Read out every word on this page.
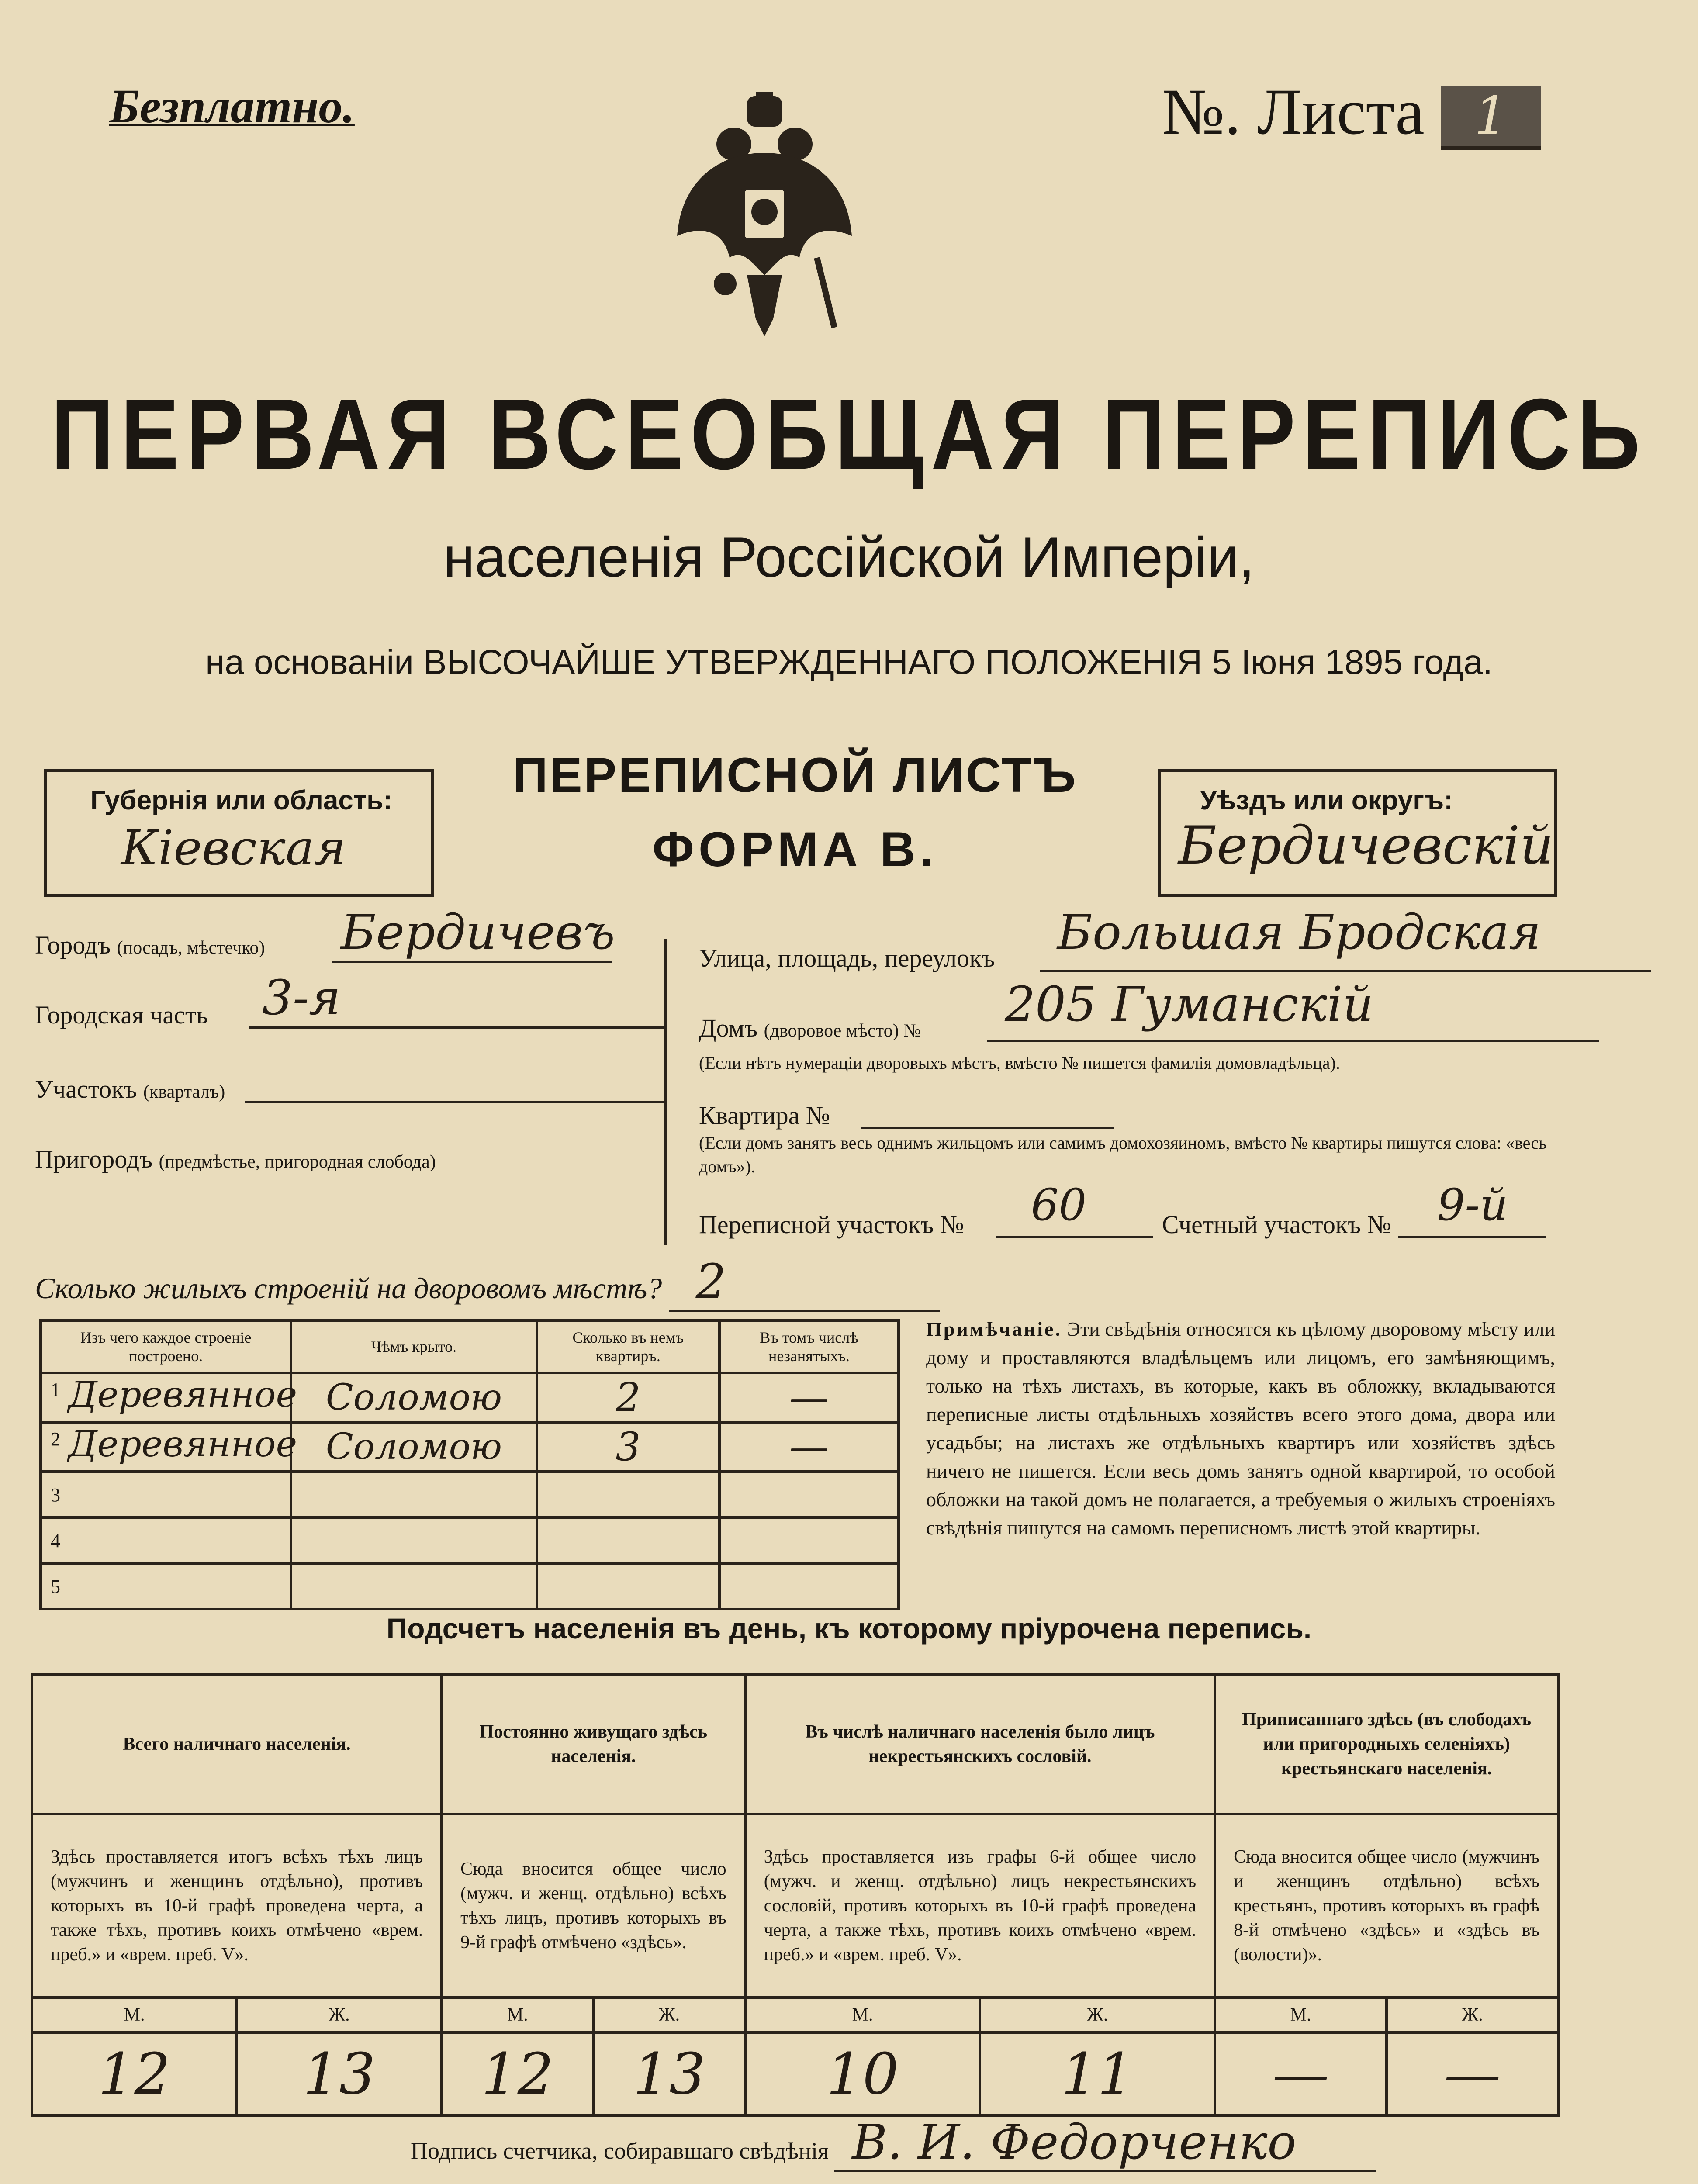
Безплатно.	№. Листа 1
ПЕРВАЯ ВСЕОБЩАЯ ПЕРЕПИСЬ
населенія Россійской Имперіи,
на основаніи ВЫСОЧАЙШЕ УТВЕРЖДЕННАГО ПОЛОЖЕНІЯ 5 Іюня 1895 года.
Губернія или область:
Кіевская
ПЕРЕПИСНОЙ ЛИСТЪ
ФОРМА В.
Уѣздъ или округъ:
Бердичевскій
Городъ (посадъ, мѣстечко) Бердичевъ
Городская часть 3-я
Участокъ (кварталъ)
Пригородъ (предмѣстье, пригородная слобода)
Улица, площадь, переулокъ Большая Бродская
Домъ (дворовое мѣсто) № 205 Гуманскій
(Если нѣтъ нумераціи дворовыхъ мѣстъ, вмѣсто № пишется фамилія домовладѣльца).
Квартира №
(Если домъ занятъ весь однимъ жильцомъ или самимъ домохозяиномъ, вмѣсто № квартиры пишутся слова: «весь домъ»).
Переписной участокъ № 60	Счетный участокъ № 9-й
Сколько жилыхъ строеній на дворовомъ мѣстѣ? 2
Изъ чего каждое строеніе построено.	Чѣмъ крыто.	Сколько въ немъ квартиръ.	Въ томъ числѣ незанятыхъ.

1 Деревянное	Соломою	2	—

2 Деревянное	Соломою	3	—

3			

4			

5			

Примѣчаніе. Эти свѣдѣнія относятся къ цѣлому дворовому мѣсту или дому и проставляются владѣльцемъ или лицомъ, его замѣняющимъ, только на тѣхъ листахъ, въ которые, какъ въ обложку, вкладываются переписные листы отдѣльныхъ хозяйствъ всего этого дома, двора или усадьбы; на листахъ же отдѣльныхъ квартиръ или хозяйствъ здѣсь ничего не пишется. Если весь домъ занятъ одной квартирой, то особой обложки на такой домъ не полагается, а требуемыя о жилыхъ строеніяхъ свѣдѣнія пишутся на самомъ переписномъ листѣ этой квартиры.
Подсчетъ населенія въ день, къ которому пріурочена перепись.
Всего наличнаго населенія.		Постоянно живущаго здѣсь населенія.		Въ числѣ наличнаго населенія было лицъ некрестьянскихъ сословій.		Приписаннаго здѣсь (въ слободахъ или пригородныхъ селеніяхъ) крестьянскаго населенія.	
Здѣсь проставляется итогъ всѣхъ тѣхъ лицъ (мужчинъ и женщинъ отдѣльно), противъ которыхъ въ 10-й графѣ проведена черта, а также тѣхъ, противъ коихъ отмѣчено «врем. преб.» и «врем. преб. V».		Сюда вносится общее число (мужч. и женщ. отдѣльно) всѣхъ тѣхъ лицъ, противъ которыхъ въ 9-й графѣ отмѣчено «здѣсь».		Здѣсь проставляется изъ графы 6-й общее число (мужч. и женщ. отдѣльно) лицъ некрестьянскихъ сословій, противъ которыхъ въ 10-й графѣ проведена черта, а также тѣхъ, противъ коихъ отмѣчено «врем. преб.» и «врем. преб. V».		Сюда вносится общее число (мужчинъ и женщинъ отдѣльно) всѣхъ крестьянъ, противъ которыхъ въ графѣ 8-й отмѣчено «здѣсь» и «здѣсь въ (волости)».	
М.	Ж.	М.	Ж.	М.	Ж.	М.	Ж.
12	13	12	13	10	11	—	—
Подпись счетчика, собиравшаго свѣдѣнія В. И. Федорченко
